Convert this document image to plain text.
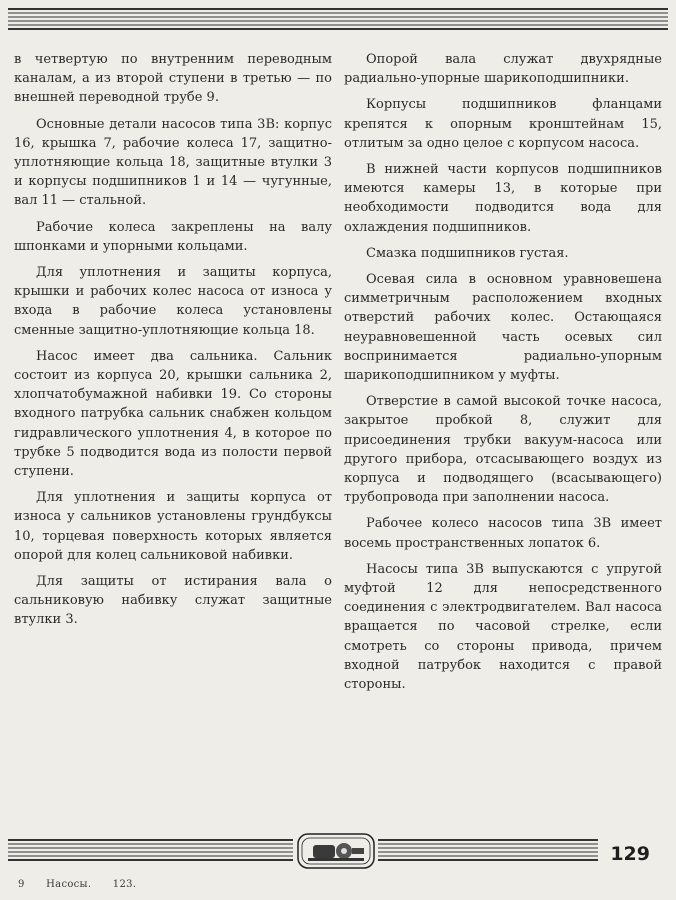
в четвертую по внутренним переводным каналам, а из второй ступени в третью — по внешней переводной трубе 9.

Основные детали насосов типа 3В: корпус 16, крышка 7, рабочие колеса 17, защитно-уплотняющие кольца 18, защитные втулки 3 и корпусы подшипников 1 и 14 — чугунные, вал 11 — стальной.

Рабочие колеса закреплены на валу шпонками и упорными кольцами.

Для уплотнения и защиты корпуса, крышки и рабочих колес насоса от износа у входа в рабочие колеса установлены сменные защитно-уплотняющие кольца 18.

Насос имеет два сальника. Сальник состоит из корпуса 20, крышки сальника 2, хлопчатобумажной набивки 19. Со стороны входного патрубка сальник снабжен кольцом гидравлического уплотнения 4, в которое по трубке 5 подводится вода из полости первой ступени.

Для уплотнения и защиты корпуса от износа у сальников установлены грундбуксы 10, торцевая поверхность которых является опорой для колец сальниковой набивки.

Для защиты от истирания вала о сальниковую набивку служат защитные втулки 3.

Опорой вала служат двухрядные радиально-упорные шарикоподшипники.

Корпусы подшипников фланцами крепятся к опорным кронштейнам 15, отлитым за одно целое с корпусом насоса.

В нижней части корпусов подшипников имеются камеры 13, в которые при необходимости подводится вода для охлаждения подшипников.

Смазка подшипников густая.

Осевая сила в основном уравновешена симметричным расположением входных отверстий рабочих колес. Остающаяся неуравновешенной часть осевых сил воспринимается радиально-упорным шарикоподшипником у муфты.

Отверстие в самой высокой точке насоса, закрытое пробкой 8, служит для присоединения трубки вакуум-насоса или другого прибора, отсасывающего воздух из корпуса и подводящего (всасывающего) трубопровода при заполнении насоса.

Рабочее колесо насосов типа 3В имеет восемь пространственных лопаток 6.

Насосы типа 3В выпускаются с упругой муфтой 12 для непосредственного соединения с электродвигателем. Вал насоса вращается по часовой стрелке, если смотреть со стороны привода, причем входной патрубок находится с правой стороны.

129
9 Насосы. 123.
